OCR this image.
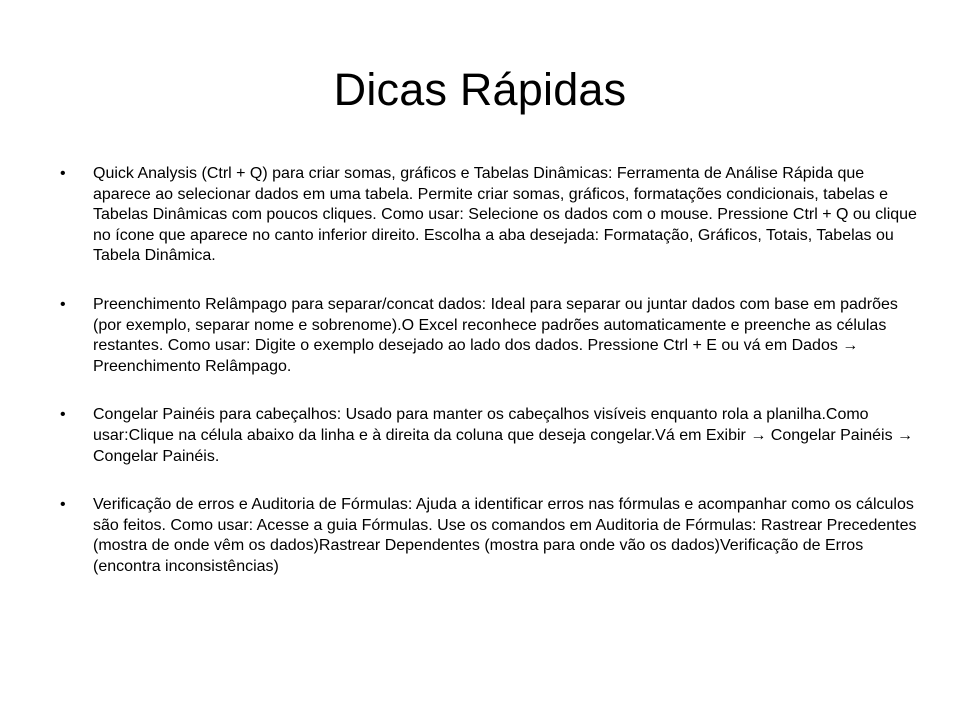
Dicas Rápidas
• Quick Analysis (Ctrl + Q) para criar somas, gráficos e Tabelas Dinâmicas: Ferramenta de Análise Rápida que aparece ao selecionar dados em uma tabela. Permite criar somas, gráficos, formatações condicionais, tabelas e Tabelas Dinâmicas com poucos cliques. Como usar: Selecione os dados com o mouse. Pressione Ctrl + Q ou clique no ícone que aparece no canto inferior direito. Escolha a aba desejada: Formatação, Gráficos, Totais, Tabelas ou Tabela Dinâmica.
• Preenchimento Relâmpago para separar/concat dados: Ideal para separar ou juntar dados com base em padrões (por exemplo, separar nome e sobrenome).O Excel reconhece padrões automaticamente e preenche as células restantes. Como usar: Digite o exemplo desejado ao lado dos dados. Pressione Ctrl + E ou vá em Dados → Preenchimento Relâmpago.
• Congelar Painéis para cabeçalhos: Usado para manter os cabeçalhos visíveis enquanto rola a planilha.Como usar:Clique na célula abaixo da linha e à direita da coluna que deseja congelar.Vá em Exibir → Congelar Painéis → Congelar Painéis.
• Verificação de erros e Auditoria de Fórmulas: Ajuda a identificar erros nas fórmulas e acompanhar como os cálculos são feitos. Como usar: Acesse a guia Fórmulas. Use os comandos em Auditoria de Fórmulas: Rastrear Precedentes (mostra de onde vêm os dados)Rastrear Dependentes (mostra para onde vão os dados)Verificação de Erros (encontra inconsistências)
